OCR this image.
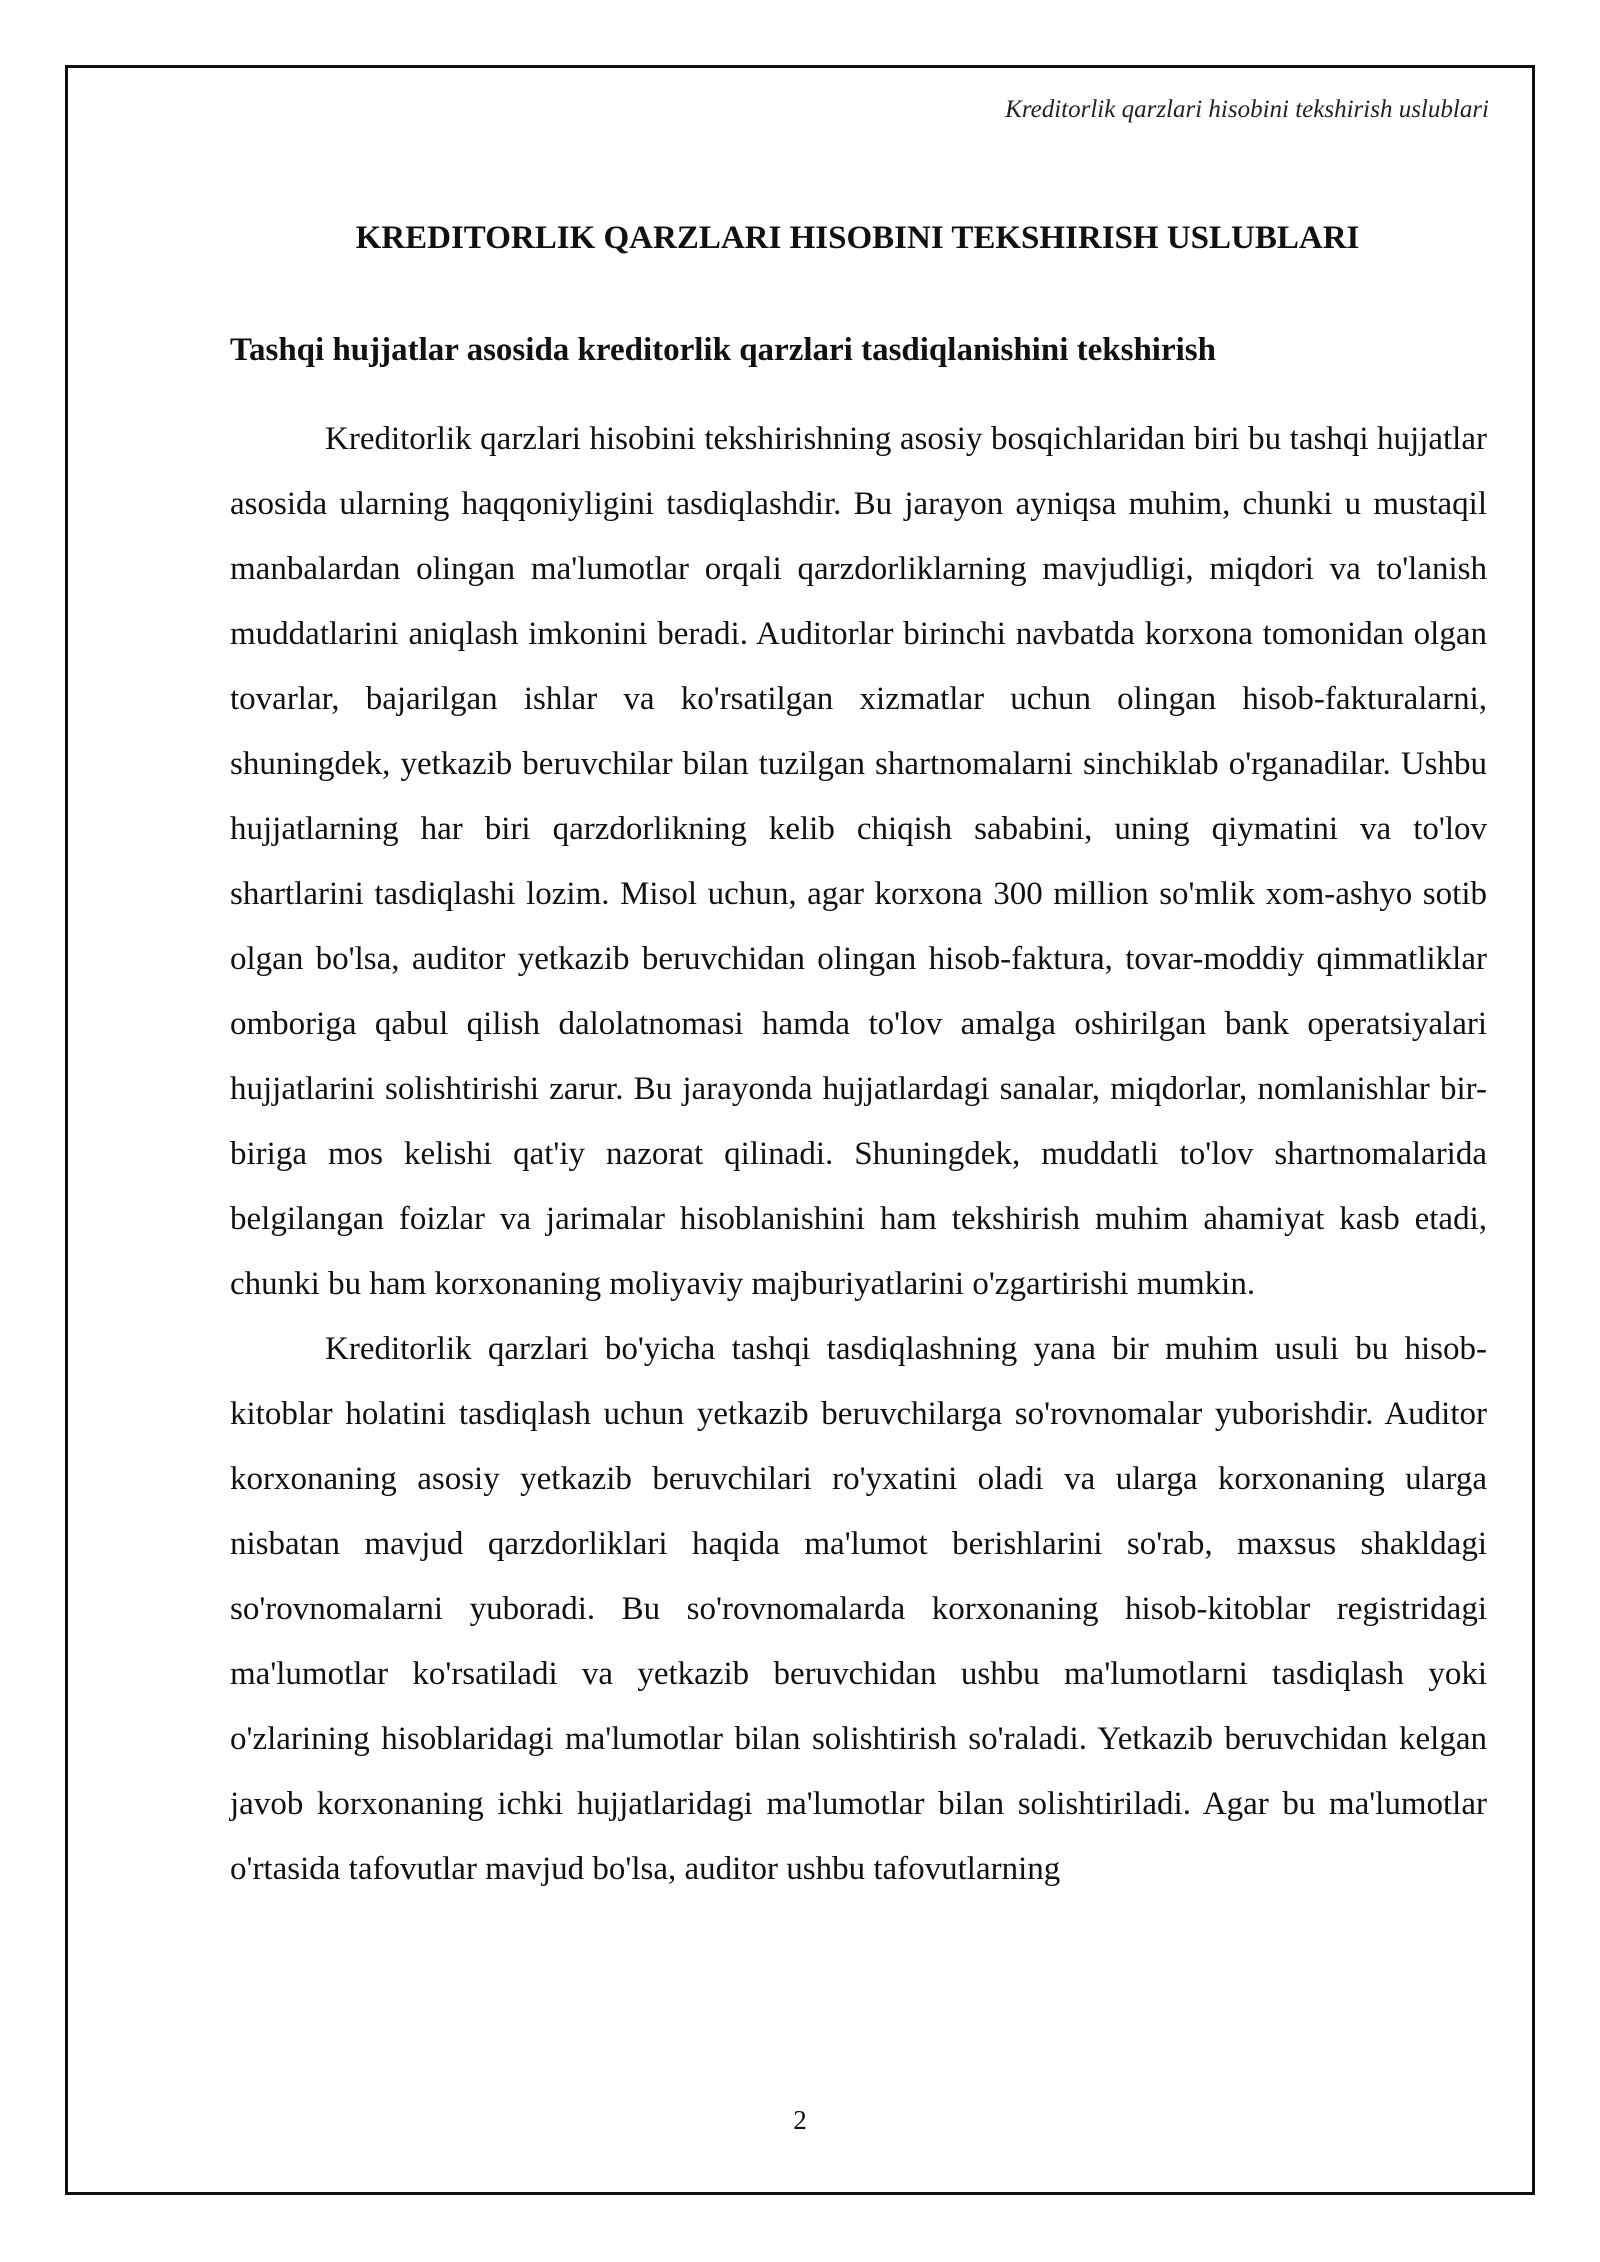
Kreditorlik qarzlari hisobini tekshirish uslublari
KREDITORLIK QARZLARI HISOBINI TEKSHIRISH USLUBLARI
Tashqi hujjatlar asosida kreditorlik qarzlari tasdiqlanishini tekshirish

Kreditorlik qarzlari hisobini tekshirishning asosiy bosqichlaridan biri bu tashqi hujjatlar asosida ularning haqqoniyligini tasdiqlashdir. Bu jarayon ayniqsa muhim, chunki u mustaqil manbalardan olingan ma'lumotlar orqali qarzdorliklarning mavjudligi, miqdori va to'lanish muddatlarini aniqlash imkonini beradi. Auditorlar birinchi navbatda korxona tomonidan olgan tovarlar, bajarilgan ishlar va ko'rsatilgan xizmatlar uchun olingan hisob-fakturalarni, shuningdek, yetkazib beruvchilar bilan tuzilgan shartnomalarni sinchiklab o'rganadilar. Ushbu hujjatlarning har biri qarzdorlikning kelib chiqish sababini, uning qiymatini va to'lov shartlarini tasdiqlashi lozim. Misol uchun, agar korxona 300 million so'mlik xom-ashyo sotib olgan bo'lsa, auditor yetkazib beruvchidan olingan hisob-faktura, tovar-moddiy qimmatliklar omboriga qabul qilish dalolatnomasi hamda to'lov amalga oshirilgan bank operatsiyalari hujjatlarini solishtirishi zarur. Bu jarayonda hujjatlardagi sanalar, miqdorlar, nomlanishlar bir-biriga mos kelishi qat'iy nazorat qilinadi. Shuningdek, muddatli to'lov shartnomalarida belgilangan foizlar va jarimalar hisoblanishini ham tekshirish muhim ahamiyat kasb etadi, chunki bu ham korxonaning moliyaviy majburiyatlarini o'zgartirishi mumkin.

Kreditorlik qarzlari bo'yicha tashqi tasdiqlashning yana bir muhim usuli bu hisob-kitoblar holatini tasdiqlash uchun yetkazib beruvchilarga so'rovnomalar yuborishdir. Auditor korxonaning asosiy yetkazib beruvchilari ro'yxatini oladi va ularga korxonaning ularga nisbatan mavjud qarzdorliklari haqida ma'lumot berishlarini so'rab, maxsus shakldagi so'rovnomalarni yuboradi. Bu so'rovnomalarda korxonaning hisob-kitoblar registridagi ma'lumotlar ko'rsatiladi va yetkazib beruvchidan ushbu ma'lumotlarni tasdiqlash yoki o'zlarining hisoblaridagi ma'lumotlar bilan solishtirish so'raladi. Yetkazib beruvchidan kelgan javob korxonaning ichki hujjatlaridagi ma'lumotlar bilan solishtiriladi. Agar bu ma'lumotlar o'rtasida tafovutlar mavjud bo'lsa, auditor ushbu tafovutlarning

2
